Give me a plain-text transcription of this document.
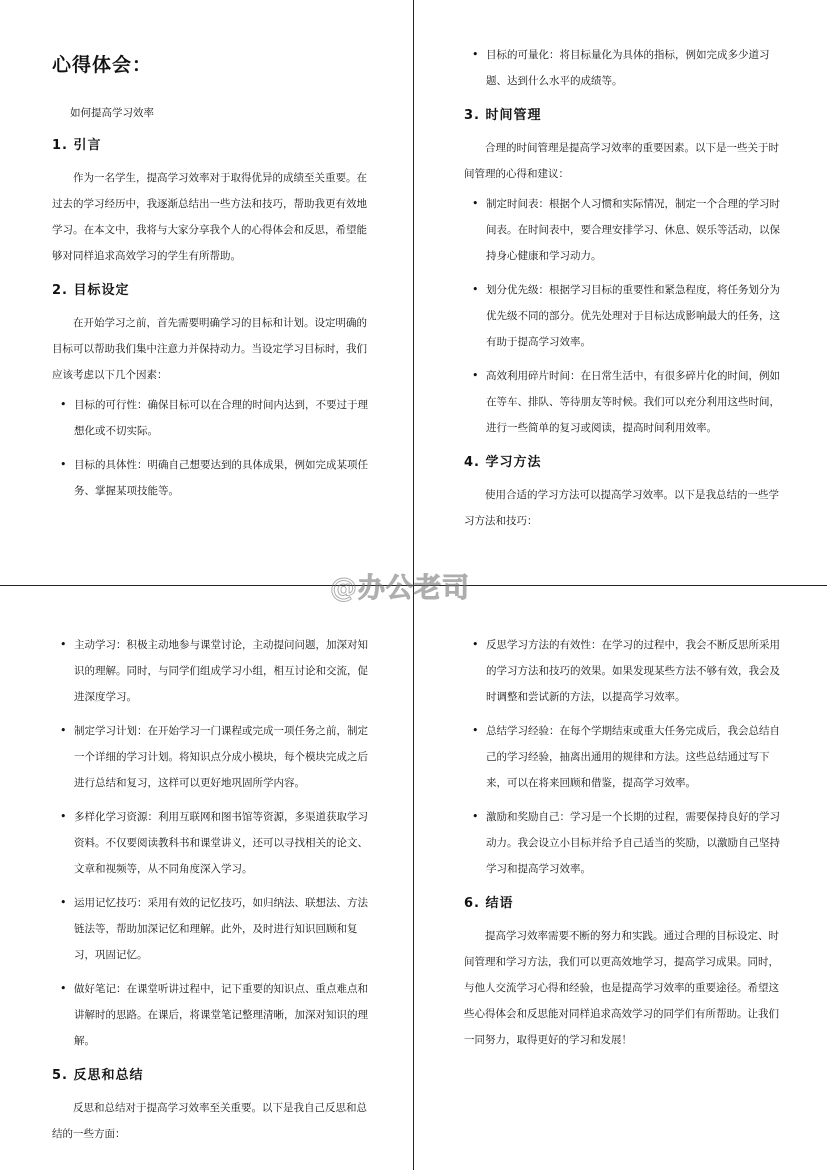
心得体会：
如何提高学习效率
1. 引言

作为一名学生，提高学习效率对于取得优异的成绩至关重要。在过去的学习经历中，我逐渐总结出一些方法和技巧，帮助我更有效地学习。在本文中，我将与大家分享我个人的心得体会和反思，希望能够对同样追求高效学习的学生有所帮助。

2. 目标设定

在开始学习之前，首先需要明确学习的目标和计划。设定明确的目标可以帮助我们集中注意力并保持动力。当设定学习目标时，我们应该考虑以下几个因素：

• 目标的可行性：确保目标可以在合理的时间内达到，不要过于理想化或不切实际。
• 目标的具体性：明确自己想要达到的具体成果，例如完成某项任务、掌握某项技能等。
• 目标的可量化：将目标量化为具体的指标，例如完成多少道习题、达到什么水平的成绩等。
3. 时间管理

合理的时间管理是提高学习效率的重要因素。以下是一些关于时间管理的心得和建议：

• 制定时间表：根据个人习惯和实际情况，制定一个合理的学习时间表。在时间表中，要合理安排学习、休息、娱乐等活动，以保持身心健康和学习动力。
• 划分优先级：根据学习目标的重要性和紧急程度，将任务划分为优先级不同的部分。优先处理对于目标达成影响最大的任务，这有助于提高学习效率。
• 高效利用碎片时间：在日常生活中，有很多碎片化的时间，例如在等车、排队、等待朋友等时候。我们可以充分利用这些时间，进行一些简单的复习或阅读，提高时间利用效率。
4. 学习方法

使用合适的学习方法可以提高学习效率。以下是我总结的一些学习方法和技巧：

• 主动学习：积极主动地参与课堂讨论，主动提问问题，加深对知识的理解。同时，与同学们组成学习小组，相互讨论和交流，促进深度学习。
• 制定学习计划：在开始学习一门课程或完成一项任务之前，制定一个详细的学习计划。将知识点分成小模块，每个模块完成之后进行总结和复习，这样可以更好地巩固所学内容。
• 多样化学习资源：利用互联网和图书馆等资源，多渠道获取学习资料。不仅要阅读教科书和课堂讲义，还可以寻找相关的论文、文章和视频等，从不同角度深入学习。
• 运用记忆技巧：采用有效的记忆技巧，如归纳法、联想法、方法链法等，帮助加深记忆和理解。此外，及时进行知识回顾和复习，巩固记忆。
• 做好笔记：在课堂听讲过程中，记下重要的知识点、重点难点和讲解时的思路。在课后，将课堂笔记整理清晰，加深对知识的理解。
5. 反思和总结

反思和总结对于提高学习效率至关重要。以下是我自己反思和总结的一些方面：

• 反思学习方法的有效性：在学习的过程中，我会不断反思所采用的学习方法和技巧的效果。如果发现某些方法不够有效，我会及时调整和尝试新的方法，以提高学习效率。
• 总结学习经验：在每个学期结束或重大任务完成后，我会总结自己的学习经验，抽离出通用的规律和方法。这些总结通过写下来，可以在将来回顾和借鉴，提高学习效率。
• 激励和奖励自己：学习是一个长期的过程，需要保持良好的学习动力。我会设立小目标并给予自己适当的奖励，以激励自己坚持学习和提高学习效率。
6. 结语

提高学习效率需要不断的努力和实践。通过合理的目标设定、时间管理和学习方法，我们可以更高效地学习，提高学习成果。同时，与他人交流学习心得和经验，也是提高学习效率的重要途径。希望这些心得体会和反思能对同样追求高效学习的同学们有所帮助。让我们一同努力，取得更好的学习和发展！

@办公老司
